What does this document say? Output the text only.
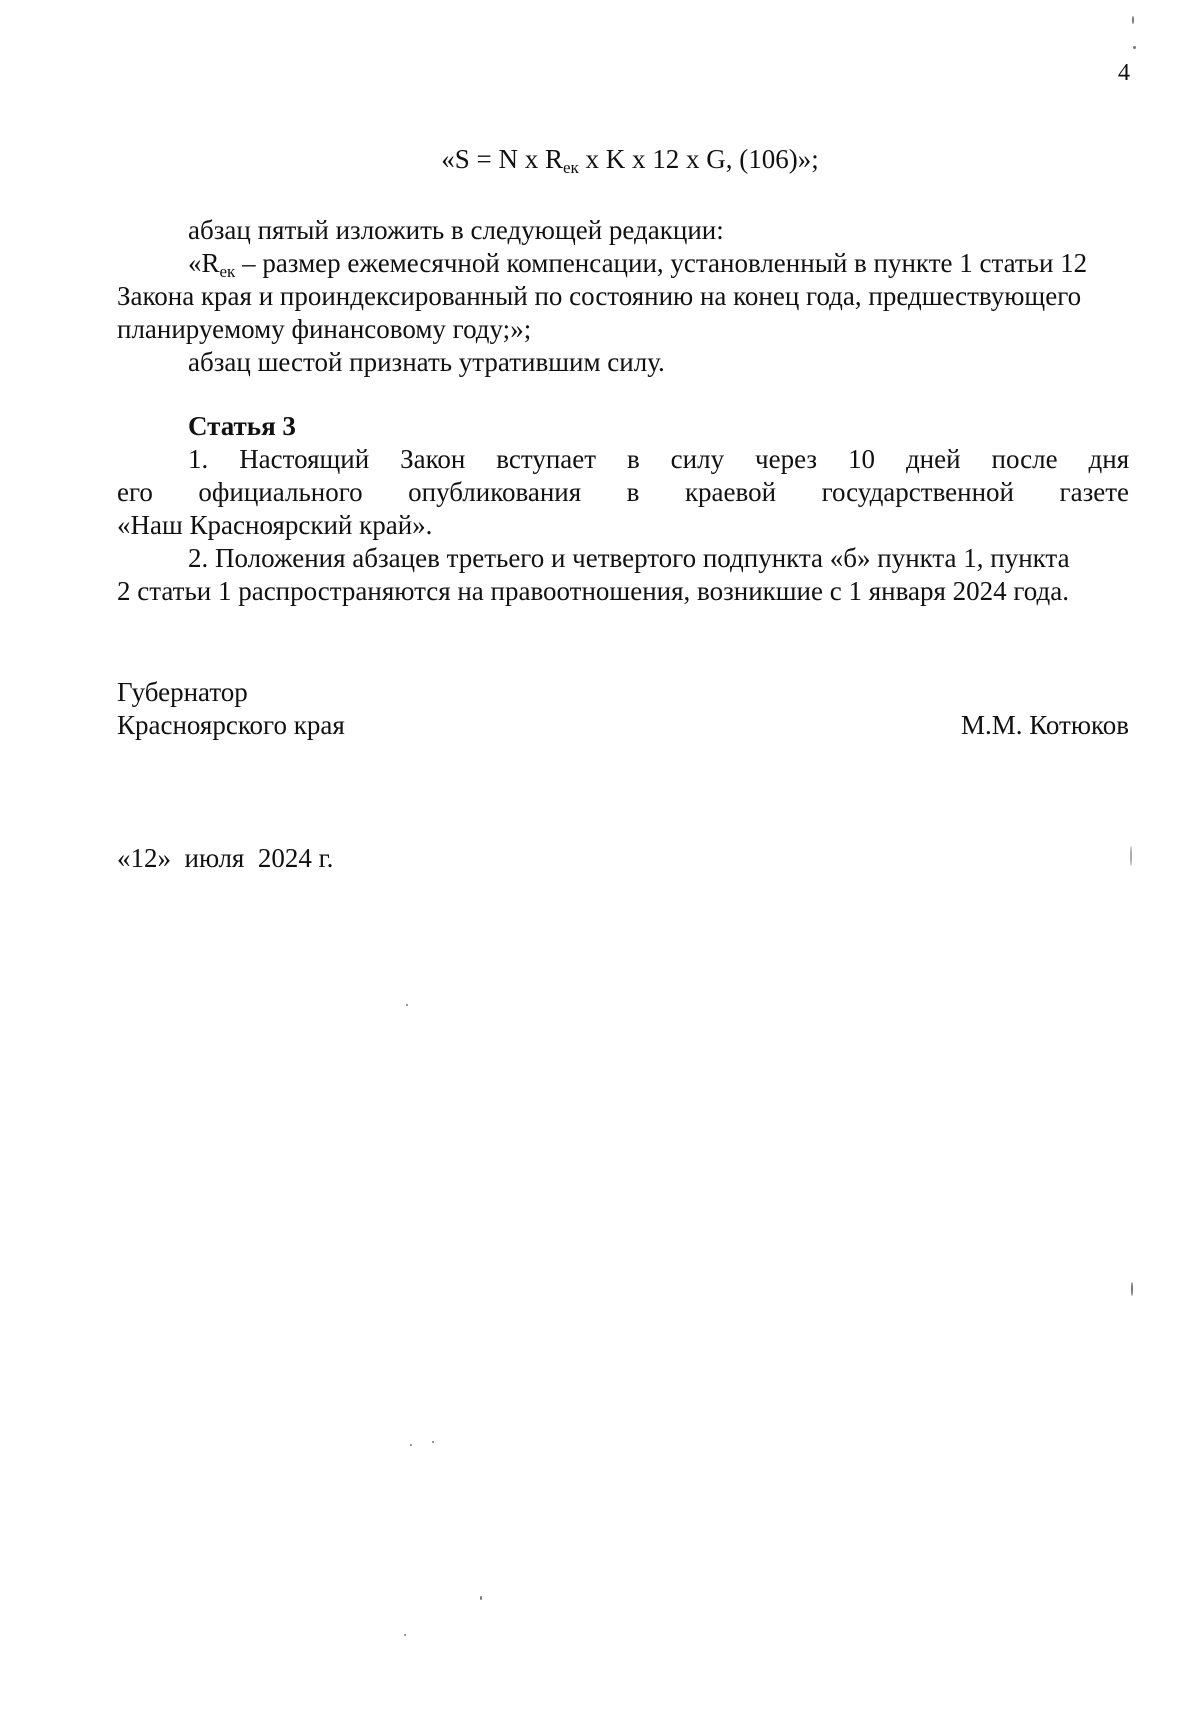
4
«S = N x $R_{ек}$ x K x 12 x G, (106)»;
абзац пятый изложить в следующей редакции:
«$R_{ек}$ – размер ежемесячной компенсации, установленный в пункте 1 статьи 12
Закона края и проиндексированный по состоянию на конец года, предшествующего
планируемому финансовому году;»;
абзац шестой признать утратившим силу.
Статья 3
1. Настоящий Закон вступает в силу через 10 дней после дня
его официального опубликования в краевой государственной газете
«Наш Красноярский край».
2. Положения абзацев третьего и четвертого подпункта «б» пункта 1, пункта
2 статьи 1 распространяются на правоотношения, возникшие с 1 января 2024 года.
Губернатор
Красноярского края	М.М. Котюков
«12»  июля  2024 г.
